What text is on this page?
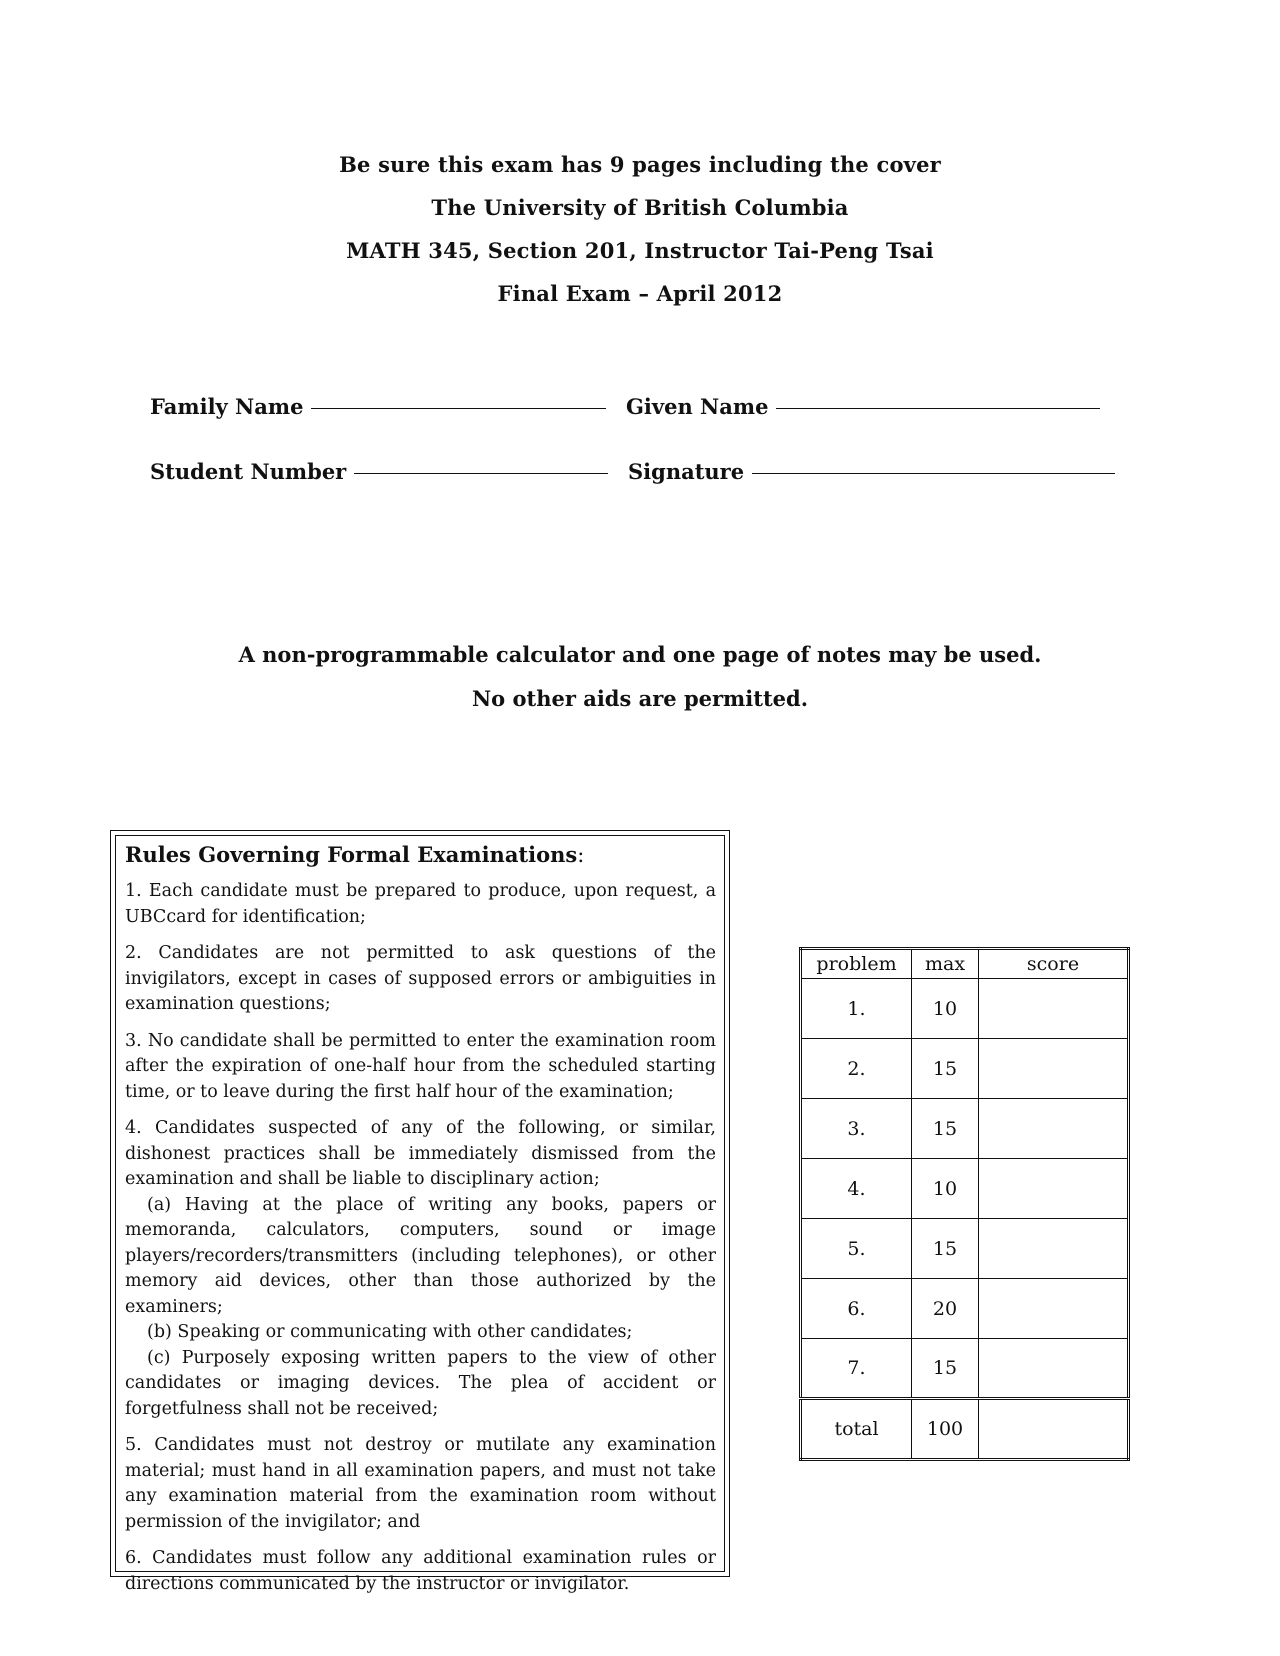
Be sure this exam has 9 pages including the cover
The University of British Columbia
MATH 345, Section 201, Instructor Tai-Peng Tsai
Final Exam – April 2012
Family Name	Given Name
Student Number	Signature
A non-programmable calculator and one page of notes may be used.
No other aids are permitted.
Rules Governing Formal Examinations:

1. Each candidate must be prepared to produce, upon request, a UBCcard for identification;

2. Candidates are not permitted to ask questions of the invigilators, except in cases of supposed errors or ambiguities in examination questions;

3. No candidate shall be permitted to enter the examination room after the expiration of one-half hour from the scheduled starting time, or to leave during the first half hour of the examination;

4. Candidates suspected of any of the following, or similar, dishonest practices shall be immediately dismissed from the examination and shall be liable to disciplinary action;

(a) Having at the place of writing any books, papers or memoranda, calculators, computers, sound or image players/recorders/transmitters (including telephones), or other memory aid devices, other than those authorized by the examiners;

(b) Speaking or communicating with other candidates;

(c) Purposely exposing written papers to the view of other candidates or imaging devices. The plea of accident or forgetfulness shall not be received;

5. Candidates must not destroy or mutilate any examination material; must hand in all examination papers, and must not take any examination material from the examination room without permission of the invigilator; and

6. Candidates must follow any additional examination rules or directions communicated by the instructor or invigilator.

problem	max	score
1.	10	
2.	15	
3.	15	
4.	10	
5.	15	
6.	20	
7.	15	
total	100	
